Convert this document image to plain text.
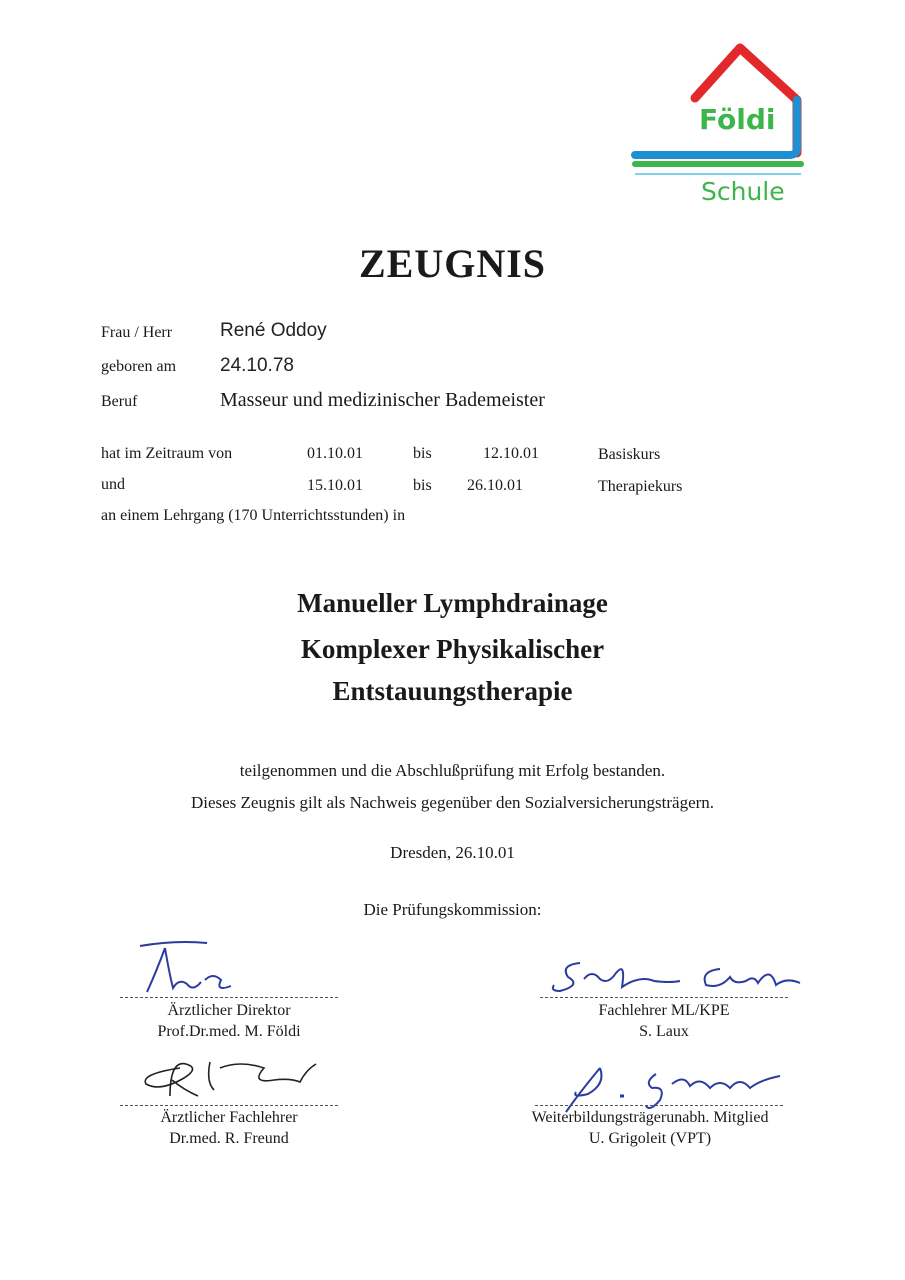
Földi
Schule
ZEUGNIS
Frau / Herr	René Oddoy
geboren am 24.10.78
Beruf	Masseur und medizinischer Bademeister
hat im Zeitraum von	01.10.01	bis	12.10.01	Basiskurs
und	15.10.01	bis 26.10.01	Therapiekurs
an einem Lehrgang (170 Unterrichtsstunden) in
Manueller Lymphdrainage
Komplexer Physikalischer
Entstauungstherapie
teilgenommen und die Abschlußprüfung mit Erfolg bestanden.
Dieses Zeugnis gilt als Nachweis gegenüber den Sozialversicherungsträgern.
Dresden, 26.10.01
Die Prüfungskommission:
Ärztlicher Direktor
Prof.Dr.med. M. Földi
Fachlehrer ML/KPE
S. Laux
Ärztlicher Fachlehrer
Dr.med. R. Freund
Weiterbildungsträgerunabh. Mitglied
U. Grigoleit (VPT)
